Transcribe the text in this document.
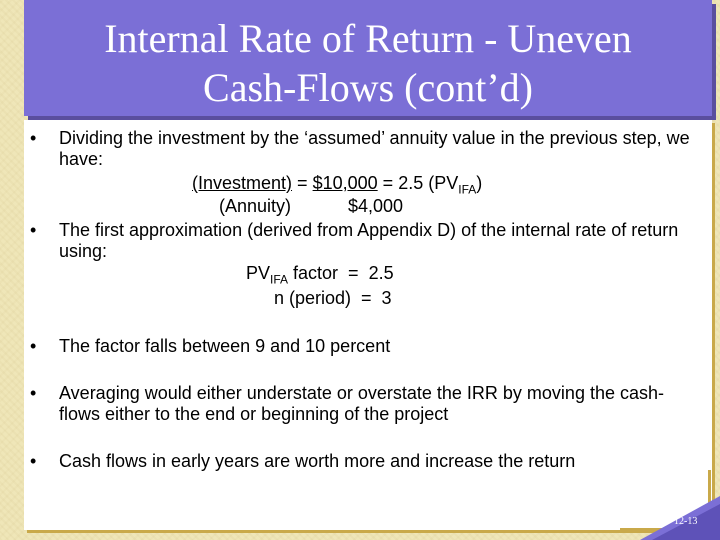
Internal Rate of Return - Uneven
Cash-Flows (cont’d)
•	Dividing the investment by the ‘assumed’ annuity value in the previous step, we have:
(Investment) = $10,000 = 2.5 $(PV_{IFA})$
(Annuity)	$4,000
•	The first approximation (derived from Appendix D) of the internal rate of return using:
$PV_{IFA}$ factor  =  2.5
n (period)  =  3
•	The factor falls between 9 and 10 percent
•	Averaging would either understate or overstate the IRR by moving the cash-flows either to the end or beginning of the project
•	Cash flows in early years are worth more and increase the return
12-13
